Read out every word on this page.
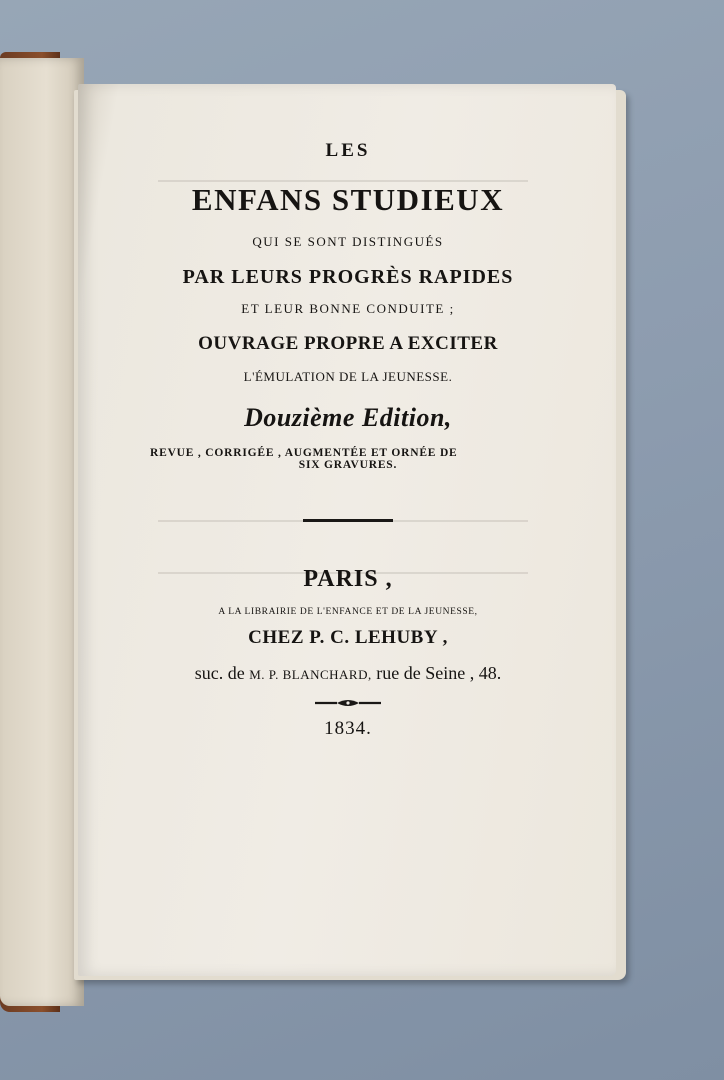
LES
ENFANS STUDIEUX
QUI SE SONT DISTINGUÉS
PAR LEURS PROGRÈS RAPIDES
ET LEUR BONNE CONDUITE ;
OUVRAGE PROPRE A EXCITER
L'ÉMULATION DE LA JEUNESSE.
Douzième Edition,
REVUE , CORRIGÉE , AUGMENTÉE ET ORNÉE DE
SIX GRAVURES.
PARIS ,
A LA LIBRAIRIE DE L'ENFANCE ET DE LA JEUNESSE,
CHEZ P. C. LEHUBY ,
suc. de M. P. BLANCHARD, rue de Seine , 48.
1834.
